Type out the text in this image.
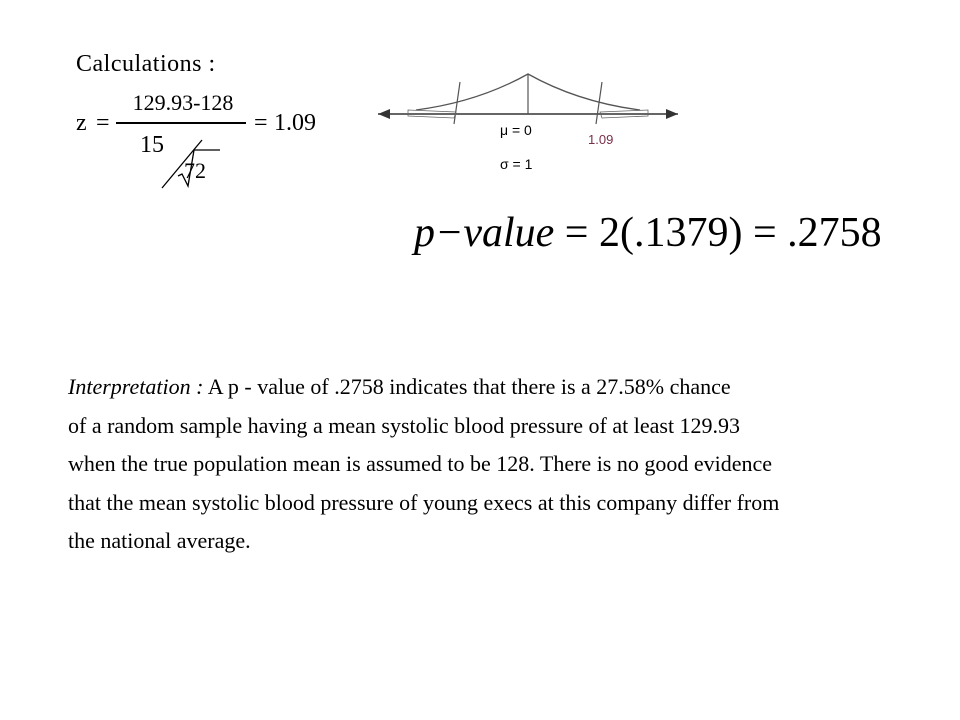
Calculations :
z =
129.93-128
15
72
= 1.09	μ = 0
σ = 1
1.09
p−value = 2(.1379) = .2758

Interpretation : A p - value of .2758 indicates that there is a 27.58% chance

of a random sample having a mean systolic blood pressure of at least 129.93

when the true population mean is assumed to be 128. There is no good evidence

that the mean systolic blood pressure of young execs at this company differ from

the national average.
